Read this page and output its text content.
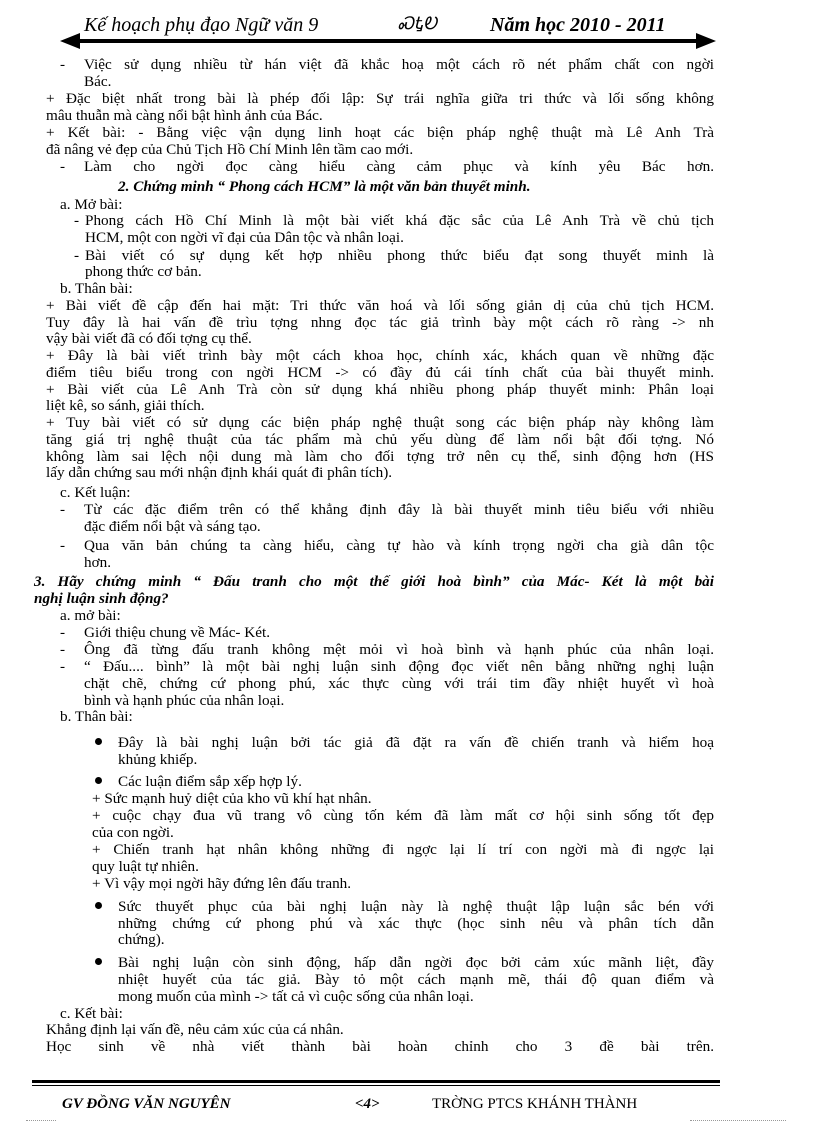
Kế hoạch phụ đạo Ngữ văn 9	ᏍᎿᎧ	Năm học 2010 - 2011
- Việc sử dụng nhiều từ hán việt đã khắc hoạ một cách rõ nét phẩm chất con ngời
Bác.
+ Đặc biệt nhất trong bài là phép đối lập: Sự trái nghĩa giữa tri thức và lối sống không
mâu thuẫn mà càng nổi bật hình ảnh của Bác.
+ Kết bài: - Bằng việc vận dụng linh hoạt các biện pháp nghệ thuật mà Lê Anh Trà
đã nâng vẻ đẹp của Chủ Tịch Hồ Chí Minh lên tầm cao mới.
- Làm cho ngời đọc càng hiểu càng cảm phục và kính yêu Bác hơn.
2. Chứng minh “ Phong cách HCM” là một văn bản thuyết minh.
a. Mở bài:
- Phong cách Hồ Chí Minh là một bài viết khá đặc sắc của Lê Anh Trà về chủ tịch
HCM, một con ngời vĩ đại của Dân tộc và nhân loại.
- Bài viết có sự dụng kết hợp nhiều phong thức biểu đạt song thuyết minh là
phong thức cơ bản.
b. Thân bài:
+ Bài viết đề cập đến hai mặt: Tri thức văn hoá và lối sống giản dị của chủ tịch HCM.
Tuy đây là hai vấn đề trìu tợng nhng đọc tác giả trình bày một cách rõ ràng -> nh
vậy bài viết đã có đối tợng cụ thể.
+ Đây là bài viết trình bày một cách khoa học, chính xác, khách quan về những đặc
điểm tiêu biểu trong con ngời HCM -> có đầy đủ cái tính chất của bài thuyết minh.
+ Bài viết của Lê Anh Trà còn sử dụng khá nhiều phong pháp thuyết minh: Phân loại
liệt kê, so sánh, giải thích.
+ Tuy bài viết có sử dụng các biện pháp nghệ thuật song các biện pháp này không làm
tăng giá trị nghệ thuật của tác phẩm mà chủ yếu dùng để làm nổi bật đối tợng. Nó
không làm sai lệch nội dung mà làm cho đối tợng trở nên cụ thể, sinh động hơn (HS
lấy dẫn chứng sau mới nhận định khái quát đi phân tích).
c. Kết luận:
- Từ các đặc điểm trên có thể khẳng định đây là bài thuyết minh tiêu biểu với nhiều
đặc điểm nổi bật và sáng tạo.
- Qua văn bản chúng ta càng hiểu, càng tự hào và kính trọng ngời cha già dân tộc
hơn.
3. Hãy chứng minh “ Đấu tranh cho một thế giới hoà bình” của Mác- Két là một bài
nghị luận sinh động?
a. mở bài:
- Giới thiệu chung về Mác- Két.
- Ông đã từng đấu tranh không mệt mỏi vì hoà bình và hạnh phúc của nhân loại.
- “ Đấu.... bình” là một bài nghị luận sinh động đọc viết nên bằng những nghị luận
chặt chẽ, chứng cứ phong phú, xác thực cùng với trái tim đầy nhiệt huyết vì hoà
bình và hạnh phúc của nhân loại.
b. Thân bài:
Đây là bài nghị luận bởi tác giả đã đặt ra vấn đề chiến tranh và hiểm hoạ
khủng khiếp.
Các luận điểm sắp xếp hợp lý.
+ Sức mạnh huỷ diệt của kho vũ khí hạt nhân.
+ cuộc chạy đua vũ trang vô cùng tốn kém đã làm mất cơ hội sinh sống tốt đẹp
của con ngời.
+ Chiến tranh hạt nhân không những đi ngợc lại lí trí con ngời mà đi ngợc lại
quy luật tự nhiên.
+ Vì vậy mọi ngời hãy đứng lên đấu tranh.
Sức thuyết phục của bài nghị luận này là nghệ thuật lập luận sắc bén với
những chứng cứ phong phú và xác thực (học sinh nêu và phân tích dẫn
chứng).
Bài nghị luận còn sinh động, hấp dẫn ngời đọc bởi cảm xúc mãnh liệt, đầy
nhiệt huyết của tác giả. Bày tỏ một cách mạnh mẽ, thái độ quan điểm và
mong muốn của mình -> tất cả vì cuộc sống của nhân loại.
c. Kết bài:
Khẳng định lại vấn đề, nêu cảm xúc của cá nhân.
Học sinh về nhà viết thành bài hoàn chỉnh cho 3 đề bài trên.
GV ĐỒNG VĂN NGUYÊN	<4>	TRỜNG PTCS KHÁNH THÀNH
